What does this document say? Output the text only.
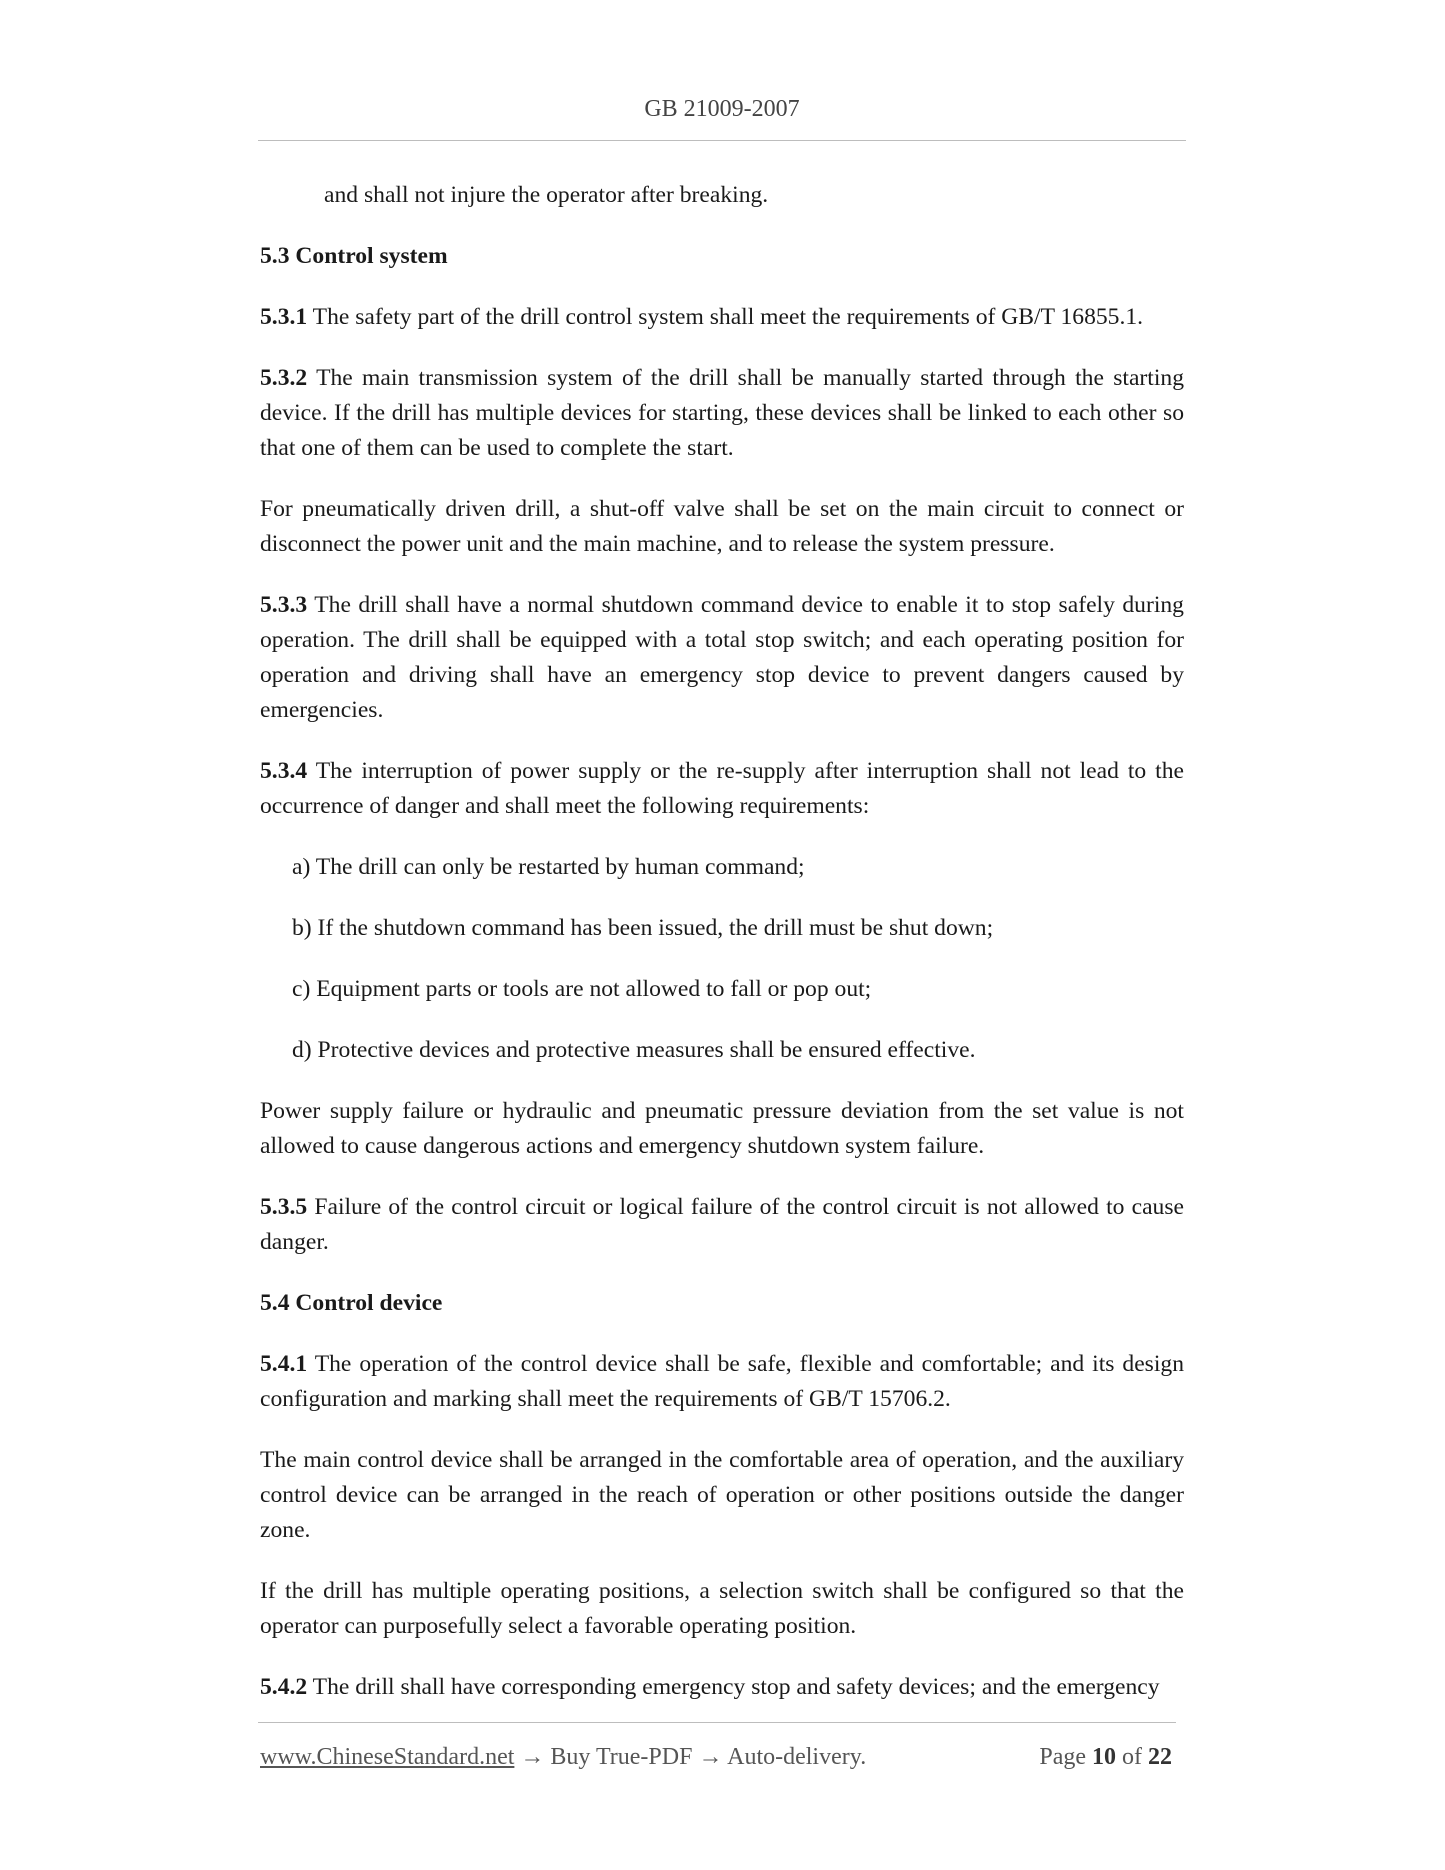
GB 21009-2007

and shall not injure the operator after breaking.

5.3 Control system

5.3.1 The safety part of the drill control system shall meet the requirements of GB/T 16855.1.

5.3.2 The main transmission system of the drill shall be manually started through the starting device. If the drill has multiple devices for starting, these devices shall be linked to each other so that one of them can be used to complete the start.

For pneumatically driven drill, a shut-off valve shall be set on the main circuit to connect or disconnect the power unit and the main machine, and to release the system pressure.

5.3.3 The drill shall have a normal shutdown command device to enable it to stop safely during operation. The drill shall be equipped with a total stop switch; and each operating position for operation and driving shall have an emergency stop device to prevent dangers caused by emergencies.

5.3.4 The interruption of power supply or the re-supply after interruption shall not lead to the occurrence of danger and shall meet the following requirements:

a) The drill can only be restarted by human command;

b) If the shutdown command has been issued, the drill must be shut down;

c) Equipment parts or tools are not allowed to fall or pop out;

d) Protective devices and protective measures shall be ensured effective.

Power supply failure or hydraulic and pneumatic pressure deviation from the set value is not allowed to cause dangerous actions and emergency shutdown system failure.

5.3.5 Failure of the control circuit or logical failure of the control circuit is not allowed to cause danger.

5.4 Control device

5.4.1 The operation of the control device shall be safe, flexible and comfortable; and its design configuration and marking shall meet the requirements of GB/T 15706.2.

The main control device shall be arranged in the comfortable area of operation, and the auxiliary control device can be arranged in the reach of operation or other positions outside the danger zone.

If the drill has multiple operating positions, a selection switch shall be configured so that the operator can purposefully select a favorable operating position.

5.4.2 The drill shall have corresponding emergency stop and safety devices; and the emergency

www.ChineseStandard.net → Buy True-PDF → Auto-delivery.	Page 10 of 22
